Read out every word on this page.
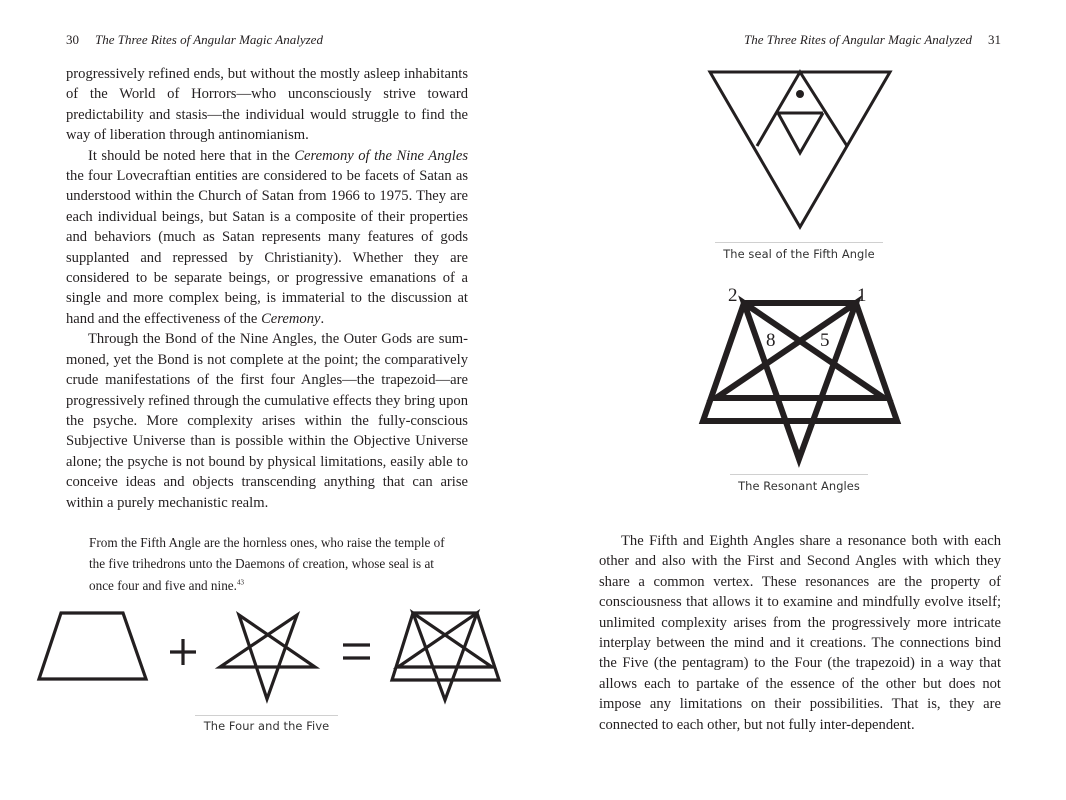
30 The Three Rites of Angular Magic Analyzed

progressively refined ends, but without the mostly asleep inhabitants of the World of Horrors—who unconsciously strive toward predictability and stasis—the individual would struggle to find the way of liberation through antinomianism.

It should be noted here that in the Ceremony of the Nine Angles the four Lovecraftian entities are considered to be facets of Satan as understood within the Church of Satan from 1966 to 1975. They are each individual beings, but Satan is a composite of their properties and behaviors (much as Satan represents many features of gods supplanted and repressed by Christianity). Whether they are considered to be separate beings, or progressive emanations of a single and more complex being, is immaterial to the discussion at hand and the effectiveness of the Ceremony.

Through the Bond of the Nine Angles, the Outer Gods are summoned, yet the Bond is not complete at the point; the comparatively crude manifestations of the first four Angles—the trapezoid—are progressively refined through the cumulative effects they bring upon the psyche. More complexity arises within the fully-conscious Subjective Universe than is possible within the Objective Universe alone; the psyche is not bound by physical limitations, easily able to conceive ideas and objects transcending anything that can arise within a purely mechanistic realm.

From the Fifth Angle are the hornless ones, who raise the temple of the five trihedrons unto the Daemons of creation, whose seal is at once four and five and nine.$^{43}$

The Four and the Five
The Three Rites of Angular Magic Analyzed 31
The seal of the Fifth Angle
2	1
8 5
The Resonant Angles

The Fifth and Eighth Angles share a resonance both with each other and also with the First and Second Angles with which they share a common vertex. These resonances are the property of consciousness that allows it to examine and mindfully evolve itself; unlimited complexity arises from the progressively more intricate interplay between the mind and it creations. The connections bind the Five (the pentagram) to the Four (the trapezoid) in a way that allows each to partake of the essence of the other but does not impose any limitations on their possibilities. That is, they are connected to each other, but not fully inter-dependent.
